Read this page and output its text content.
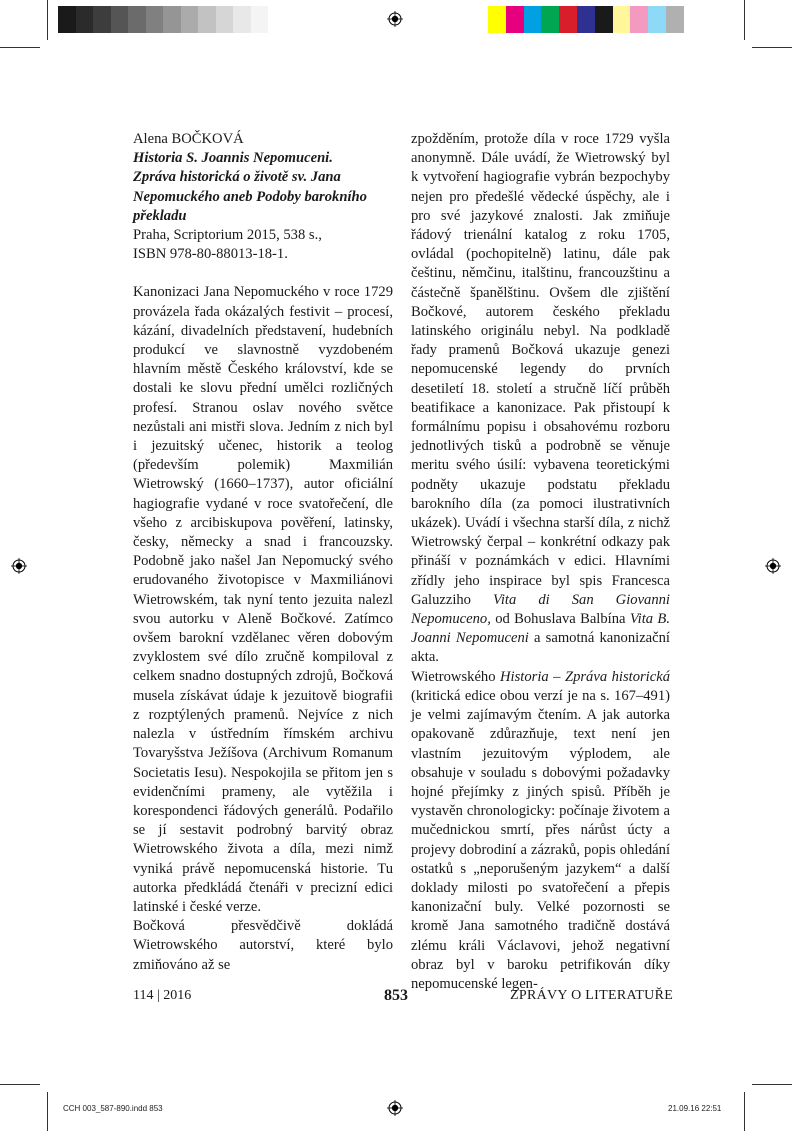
Alena BOČKOVÁ
Historia S. Joannis Nepomuceni.
Zpráva historická o životě sv. Jana
Nepomuckého aneb Podoby barokního
překladu
Praha, Scriptorium 2015, 538 s.,
ISBN 978-80-88013-18-1.

Kanonizaci Jana Nepomuckého v roce 1729 provázela řada okázalých festivit – procesí, kázání, divadelních představení, hudebních produkcí ve slavnostně vyzdobeném hlavním městě Českého království, kde se dostali ke slovu přední umělci rozličných profesí. Stranou oslav nového světce nezůstali ani mistři slova. Jedním z nich byl i jezuitský učenec, historik a teolog (především polemik) Maxmilián Wietrowský (1660–1737), autor oficiální hagiografie vydané v roce svatořečení, dle všeho z arcibiskupova pověření, latinsky, česky, německy a snad i francouzsky. Podobně jako našel Jan Nepomucký svého erudovaného životopisce v Maxmiliánovi Wietrowském, tak nyní tento jezuita nalezl svou autorku v Aleně Bočkové. Zatímco ovšem barokní vzdělanec věren dobovým zvyklostem své dílo zručně kompiloval z celkem snadno dostupných zdrojů, Bočková musela získávat údaje k jezuitově biografii z rozptýlených pramenů. Nejvíce z nich nalezla v ústředním římském archivu Tovaryšstva Ježíšova (Archivum Romanum Societatis Iesu). Nespokojila se přitom jen s evidenčními prameny, ale vytěžila i korespondenci řádových generálů. Podařilo se jí sestavit podrobný barvitý obraz Wietrowského života a díla, mezi nimž vyniká právě nepomucenská historie. Tu autorka předkládá čtenáři v precizní edici latinské i české verze.

Bočková přesvědčivě dokládá Wietrowského autorství, které bylo zmiňováno až se

zpožděním, protože díla v roce 1729 vyšla anonymně. Dále uvádí, že Wietrowský byl k vytvoření hagiografie vybrán bezpochyby nejen pro předešlé vědecké úspěchy, ale i pro své jazykové znalosti. Jak zmiňuje řádový trienální katalog z roku 1705, ovládal (pochopitelně) latinu, dále pak češtinu, němčinu, italštinu, francouzštinu a částečně španělštinu. Ovšem dle zjištění Bočkové, autorem českého překladu latinského originálu nebyl. Na podkladě řady pramenů Bočková ukazuje genezi nepomucenské legendy do prvních desetiletí 18. století a stručně líčí průběh beatifikace a kanonizace. Pak přistoupí k formálnímu popisu i obsahovému rozboru jednotlivých tisků a podrobně se věnuje meritu svého úsilí: vybavena teoretickými podněty ukazuje podstatu překladu barokního díla (za pomoci ilustrativních ukázek). Uvádí i všechna starší díla, z nichž Wietrowský čerpal – konkrétní odkazy pak přináší v poznámkách v edici. Hlavními zřídly jeho inspirace byl spis Francesca Galuzziho Vita di San Giovanni Nepomuceno, od Bohuslava Balbína Vita B. Joanni Nepomuceni a samotná kanonizační akta.

Wietrowského Historia – Zpráva historická (kritická edice obou verzí je na s. 167–491) je velmi zajímavým čtením. A jak autorka opakovaně zdůrazňuje, text není jen vlastním jezuitovým výplodem, ale obsahuje v souladu s dobovými požadavky hojné přejímky z jiných spisů. Příběh je vystavěn chronologicky: počínaje životem a mučednickou smrtí, přes nárůst úcty a projevy dobrodiní a zázraků, popis ohledání ostatků s „neporušeným jazykem“ a další doklady milosti po svatořečení a přepis kanonizační buly. Velké pozornosti se kromě Jana samotného tradičně dostává zlému králi Václavovi, jehož negativní obraz byl v baroku petrifikován díky nepomucenské legen-

114 | 2016	853	ZPRÁVY O LITERATUŘE
CCH 003_587-890.indd 853	21.09.16 22:51
